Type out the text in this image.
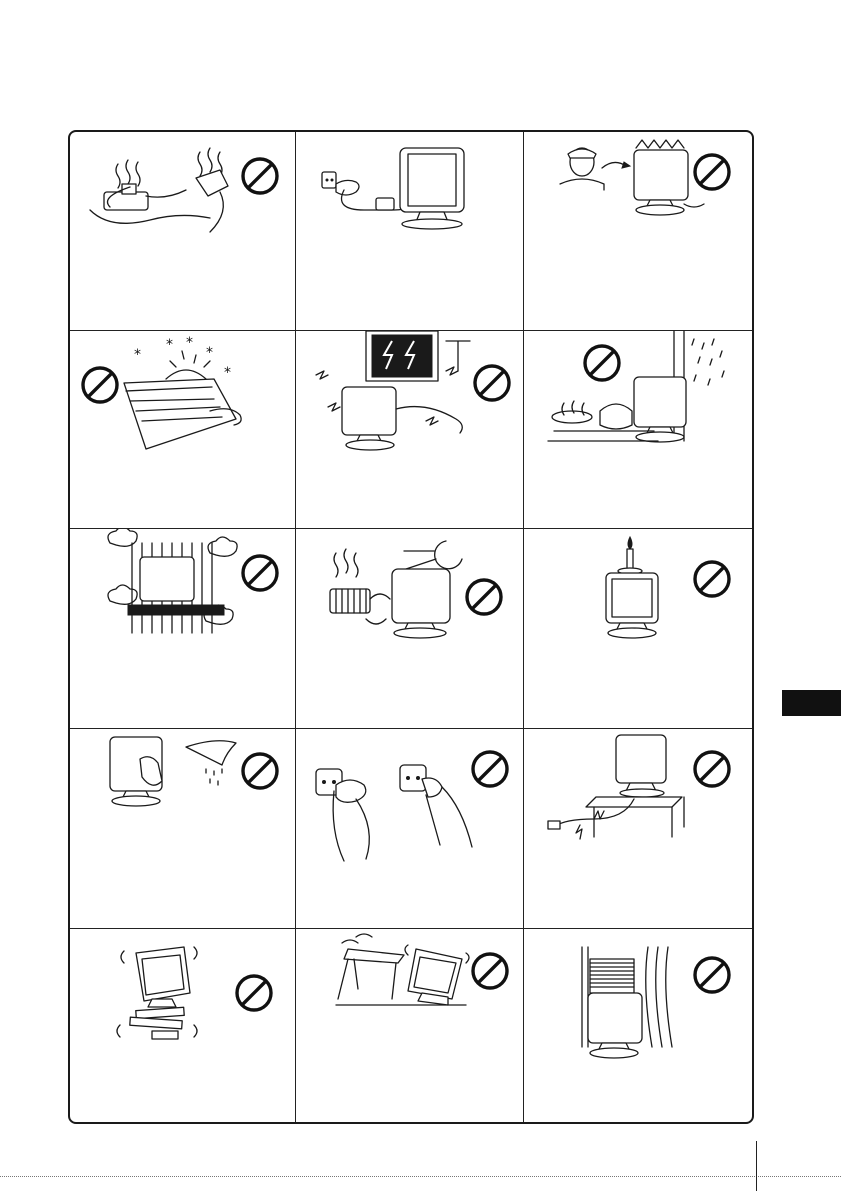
*
* *
*
*
